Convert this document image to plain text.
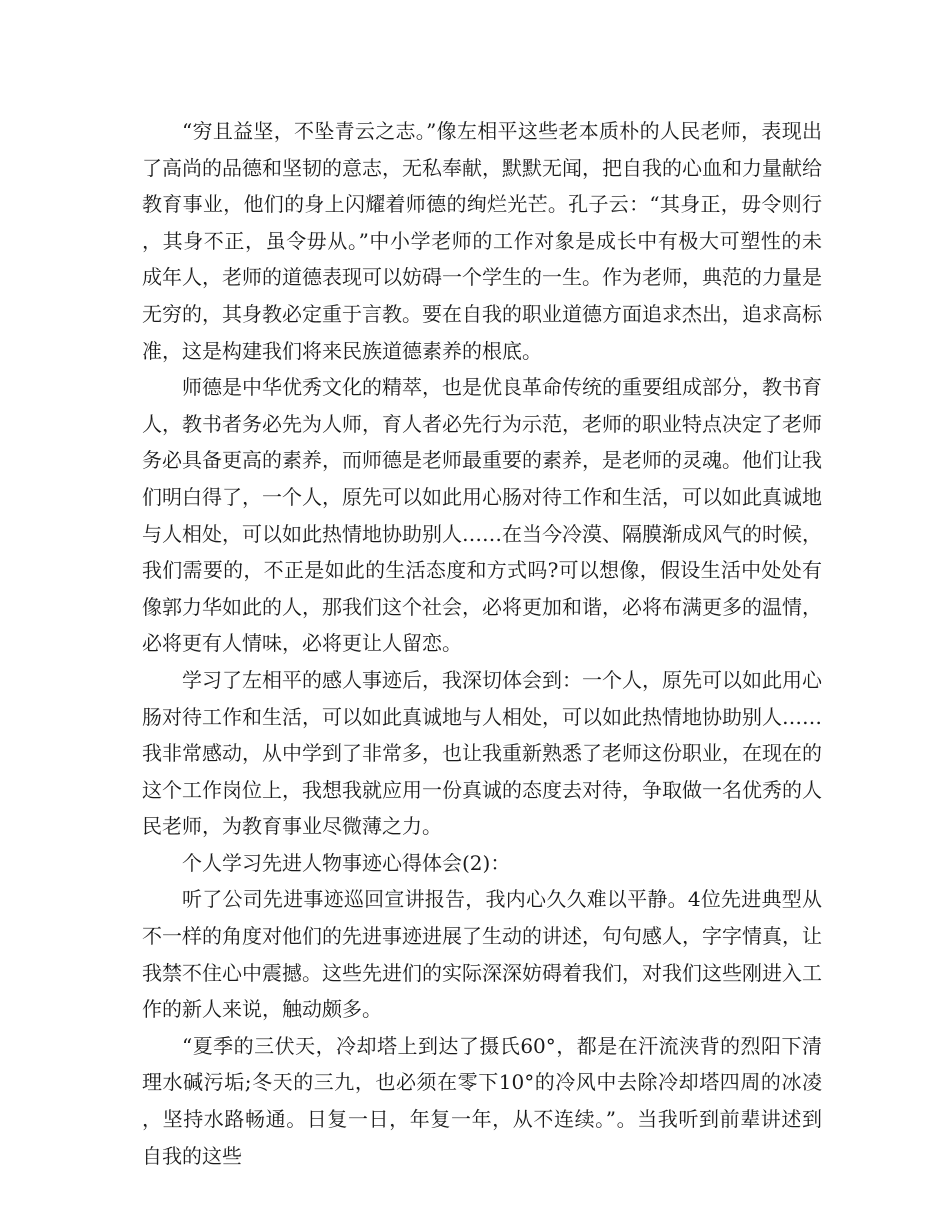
“穷且益坚，不坠青云之志。”像左相平这些老本质朴的人民老师，表现出了高尚的品德和坚韧的意志，无私奉献，默默无闻，把自我的心血和力量献给教育事业，他们的身上闪耀着师德的绚烂光芒。孔子云：“其身正，毋令则行，其身不正，虽令毋从。”中小学老师的工作对象是成长中有极大可塑性的未成年人，老师的道德表现可以妨碍一个学生的一生。作为老师，典范的力量是无穷的，其身教必定重于言教。要在自我的职业道德方面追求杰出，追求高标准，这是构建我们将来民族道德素养的根底。

师德是中华优秀文化的精萃，也是优良革命传统的重要组成部分，教书育人，教书者务必先为人师，育人者必先行为示范，老师的职业特点决定了老师务必具备更高的素养，而师德是老师最重要的素养，是老师的灵魂。他们让我们明白得了，一个人，原先可以如此用心肠对待工作和生活，可以如此真诚地与人相处，可以如此热情地协助别人……在当今冷漠、隔膜渐成风气的时候，我们需要的，不正是如此的生活态度和方式吗?可以想像，假设生活中处处有像郭力华如此的人，那我们这个社会，必将更加和谐，必将布满更多的温情，必将更有人情味，必将更让人留恋。

学习了左相平的感人事迹后，我深切体会到：一个人，原先可以如此用心肠对待工作和生活，可以如此真诚地与人相处，可以如此热情地协助别人……我非常感动，从中学到了非常多，也让我重新熟悉了老师这份职业，在现在的这个工作岗位上，我想我就应用一份真诚的态度去对待，争取做一名优秀的人民老师，为教育事业尽微薄之力。

个人学习先进人物事迹心得体会(2)：

听了公司先进事迹巡回宣讲报告，我内心久久难以平静。4位先进典型从不一样的角度对他们的先进事迹进展了生动的讲述，句句感人，字字情真，让我禁不住心中震撼。这些先进们的实际深深妨碍着我们，对我们这些刚进入工作的新人来说，触动颇多。

“夏季的三伏天，冷却塔上到达了摄氏60°，都是在汗流浃背的烈阳下清理水碱污垢;冬天的三九，也必须在零下10°的冷风中去除冷却塔四周的冰凌，坚持水路畅通。日复一日，年复一年，从不连续。”。当我听到前辈讲述到自我的这些
